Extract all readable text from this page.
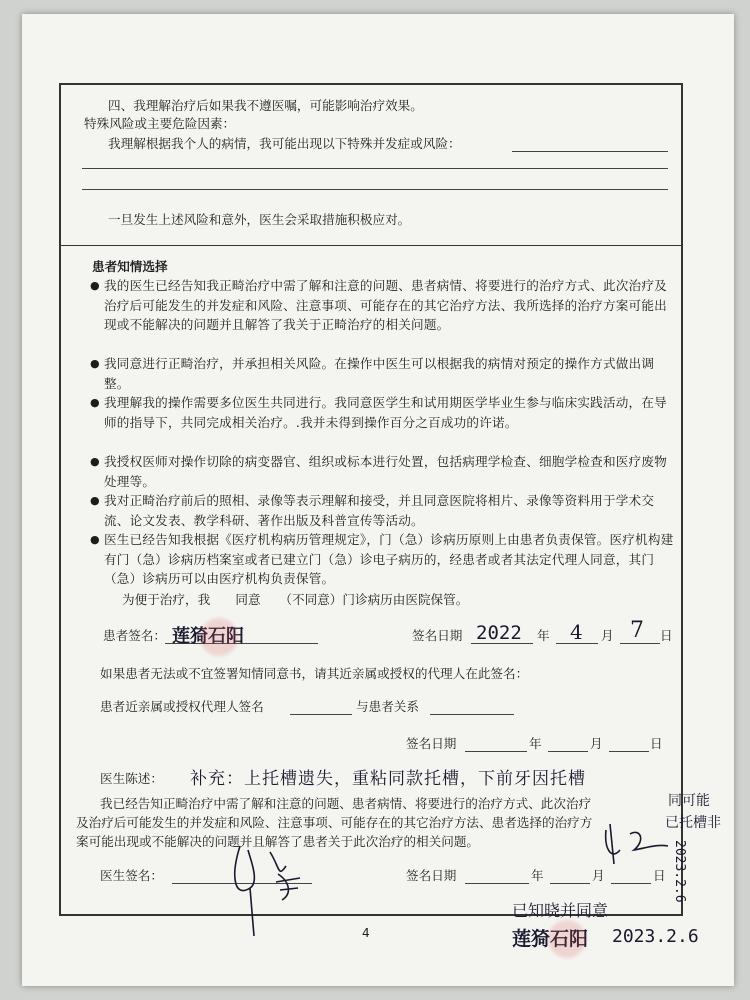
四、我理解治疗后如果我不遵医嘱，可能影响治疗效果。
特殊风险或主要危险因素：
我理解根据我个人的病情，我可能出现以下特殊并发症或风险：
一旦发生上述风险和意外，医生会采取措施积极应对。
患者知情选择
● 我的医生已经告知我正畸治疗中需了解和注意的问题、患者病情、将要进行的治疗方式、此次治疗及治疗后可能发生的并发症和风险、注意事项、可能存在的其它治疗方法、我所选择的治疗方案可能出现或不能解决的问题并且解答了我关于正畸治疗的相关问题。
● 我同意进行正畸治疗，并承担相关风险。在操作中医生可以根据我的病情对预定的操作方式做出调整。
● 我理解我的操作需要多位医生共同进行。我同意医学生和试用期医学毕业生参与临床实践活动，在导师的指导下，共同完成相关治疗。.我并未得到操作百分之百成功的许诺。
● 我授权医师对操作切除的病变器官、组织或标本进行处置，包括病理学检查、细胞学检查和医疗废物处理等。
● 我对正畸治疗前后的照相、录像等表示理解和接受，并且同意医院将相片、录像等资料用于学术交流、论文发表、教学科研、著作出版及科普宣传等活动。
● 医生已经告知我根据《医疗机构病历管理规定》，门（急）诊病历原则上由患者负责保管。医疗机构建有门（急）诊病历档案室或者已建立门（急）诊电子病历的，经患者或者其法定代理人同意，其门（急）诊病历可以由医疗机构负责保管。
为便于治疗，我　　同意　　（不同意）门诊病历由医院保管。
患者签名： 莲猗石阳	签名日期 2022 年 4 月 7 日
如果患者无法或不宜签署知情同意书，请其近亲属或授权的代理人在此签名：
患者近亲属或授权代理人签名	与患者关系
签名日期	年	月	日
医生陈述： 补充：上托槽遗失，重粘同款托槽，下前牙因托槽
同可能
已托槽非
我已经告知正畸治疗中需了解和注意的问题、患者病情、将要进行的治疗方式、此次治疗
及治疗后可能发生的并发症和风险、注意事项、可能存在的其它治疗方法、患者选择的治疗方
案可能出现或不能解决的问题并且解答了患者关于此次治疗的相关问题。
医生签名：	签名日期	年	月	日 2023.2.6
4
已知晓并同意
莲猗石阳 2023.2.6
